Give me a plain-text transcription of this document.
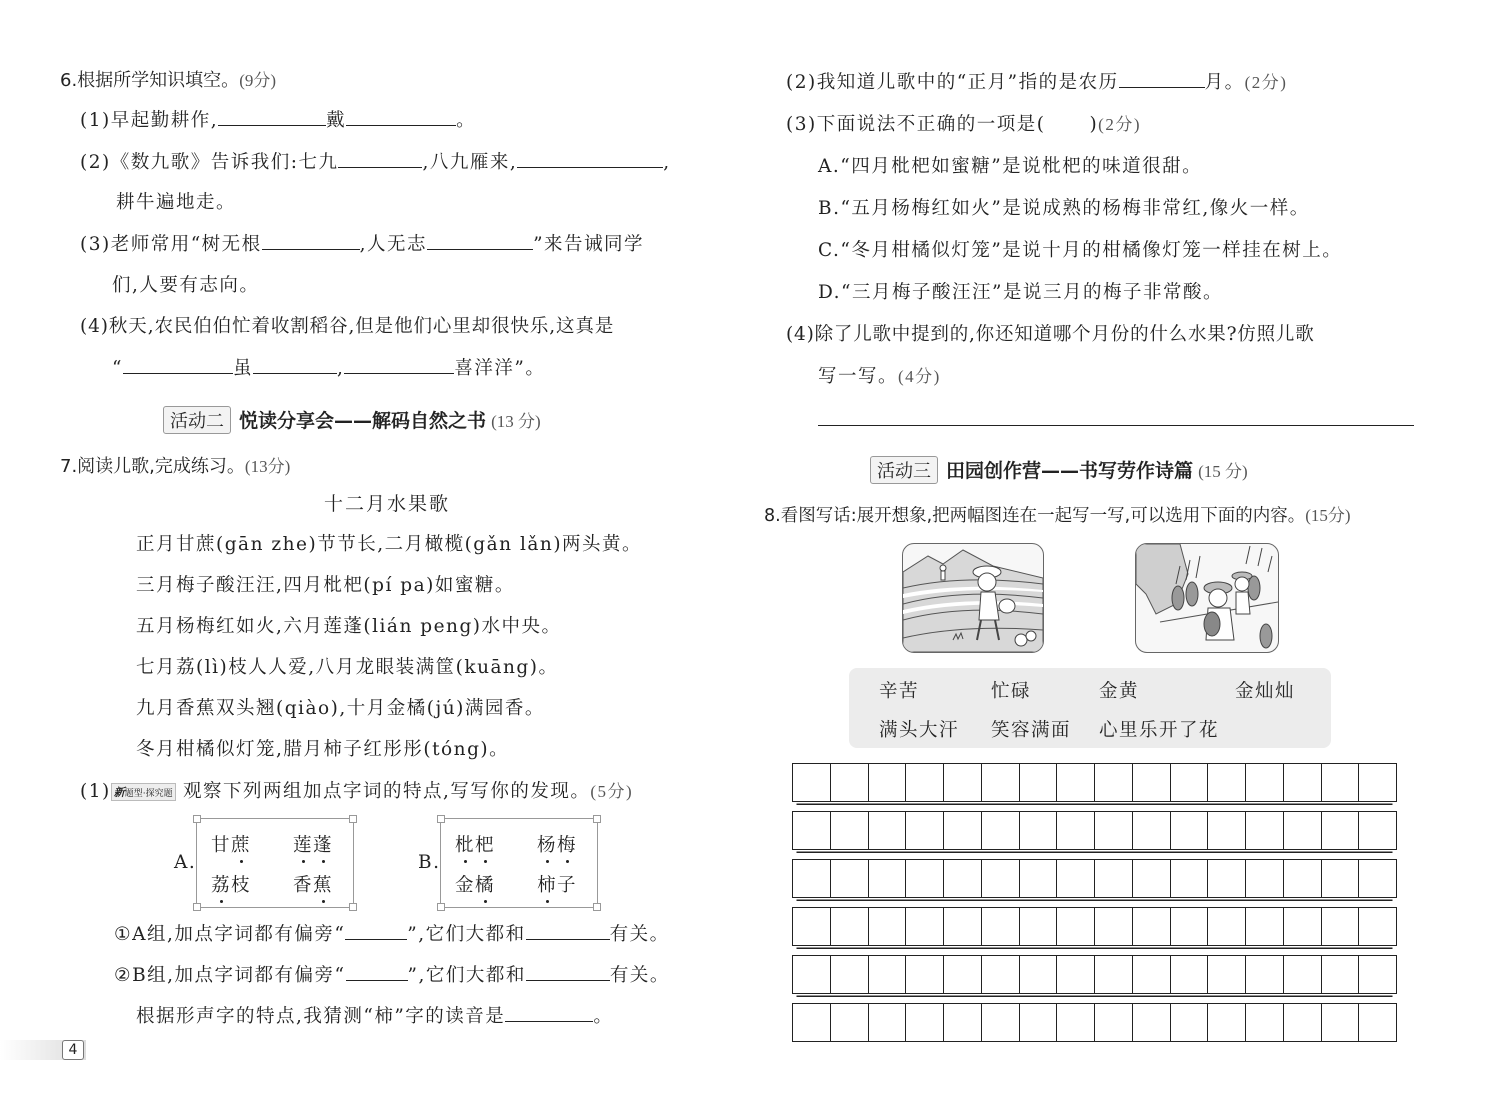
6.根据所学知识填空。(9分)
(1)早起勤耕作,	戴	。
(2)《数九歌》告诉我们:七九	,八九雁来,	,
耕牛遍地走。
(3)老师常用“树无根	,人无志	”来告诫同学
们,人要有志向。
(4)秋天,农民伯伯忙着收割稻谷,但是他们心里却很快乐,这真是
“	虽	,	喜洋洋”。
活动二 悦读分享会——解码自然之书 (13 分)
7.阅读儿歌,完成练习。(13分)
十二月水果歌
正月甘蔗(gān zhe)节节长,二月橄榄(gǎn lǎn)两头黄。
三月梅子酸汪汪,四月枇杷(pí pa)如蜜糖。
五月杨梅红如火,六月莲蓬(lián peng)水中央。
七月荔(lì)枝人人爱,八月龙眼装满筐(kuāng)。
九月香蕉双头翘(qiào),十月金橘(jú)满园香。
冬月柑橘似灯笼,腊月柿子红彤彤(tóng)。
(1) 新题型·探究题 观察下列两组加点字词的特点,写写你的发现。(5分)
A.
甘蔗 莲蓬
荔枝 香蕉
B.
枇杷 杨梅
金橘 柿子
①A组,加点字词都有偏旁“	”,它们大都和	有关。
②B组,加点字词都有偏旁“	”,它们大都和	有关。
根据形声字的特点,我猜测“柿”字的读音是	。
4
(2)我知道儿歌中的“正月”指的是农历	月。(2分)
(3)下面说法不正确的一项是( )(2分)
A.“四月枇杷如蜜糖”是说枇杷的味道很甜。
B.“五月杨梅红如火”是说成熟的杨梅非常红,像火一样。
C.“冬月柑橘似灯笼”是说十月的柑橘像灯笼一样挂在树上。
D.“三月梅子酸汪汪”是说三月的梅子非常酸。
(4)除了儿歌中提到的,你还知道哪个月份的什么水果?仿照儿歌
写一写。(4分)
活动三 田园创作营——书写劳作诗篇 (15 分)
8.看图写话:展开想象,把两幅图连在一起写一写,可以选用下面的内容。(15分)
辛苦	忙碌	金黄	金灿灿
满头大汗 笑容满面 心里乐开了花
